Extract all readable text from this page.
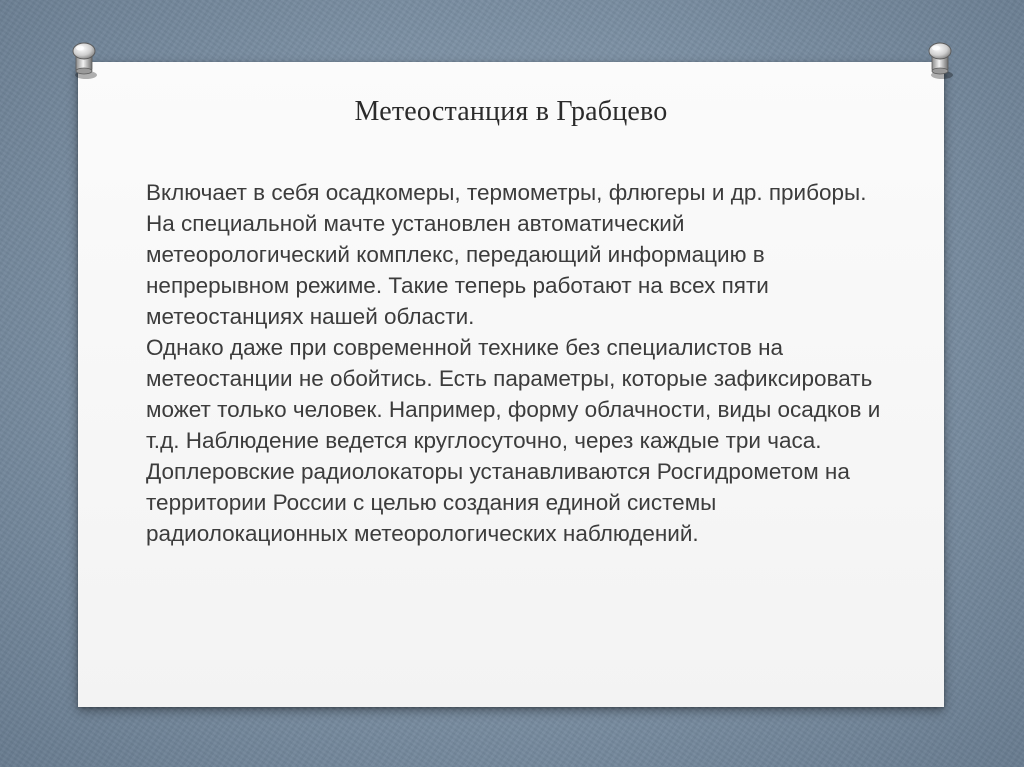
Метеостанция в Грабцево

Включает в себя осадкомеры, термометры, флюгеры и др. приборы.

На специальной мачте установлен автоматический метеорологический комплекс, передающий информацию в непрерывном режиме. Такие теперь работают на всех пяти метеостанциях нашей области.

Однако даже при современной технике без специалистов на метеостанции не обойтись. Есть параметры, которые зафиксировать может только человек. Например, форму облачности, виды осадков и т.д. Наблюдение ведется круглосуточно, через каждые три часа.

Доплеровские радиолокаторы устанавливаются Росгидрометом на территории России с целью создания единой системы радиолокационных метеорологических наблюдений.
